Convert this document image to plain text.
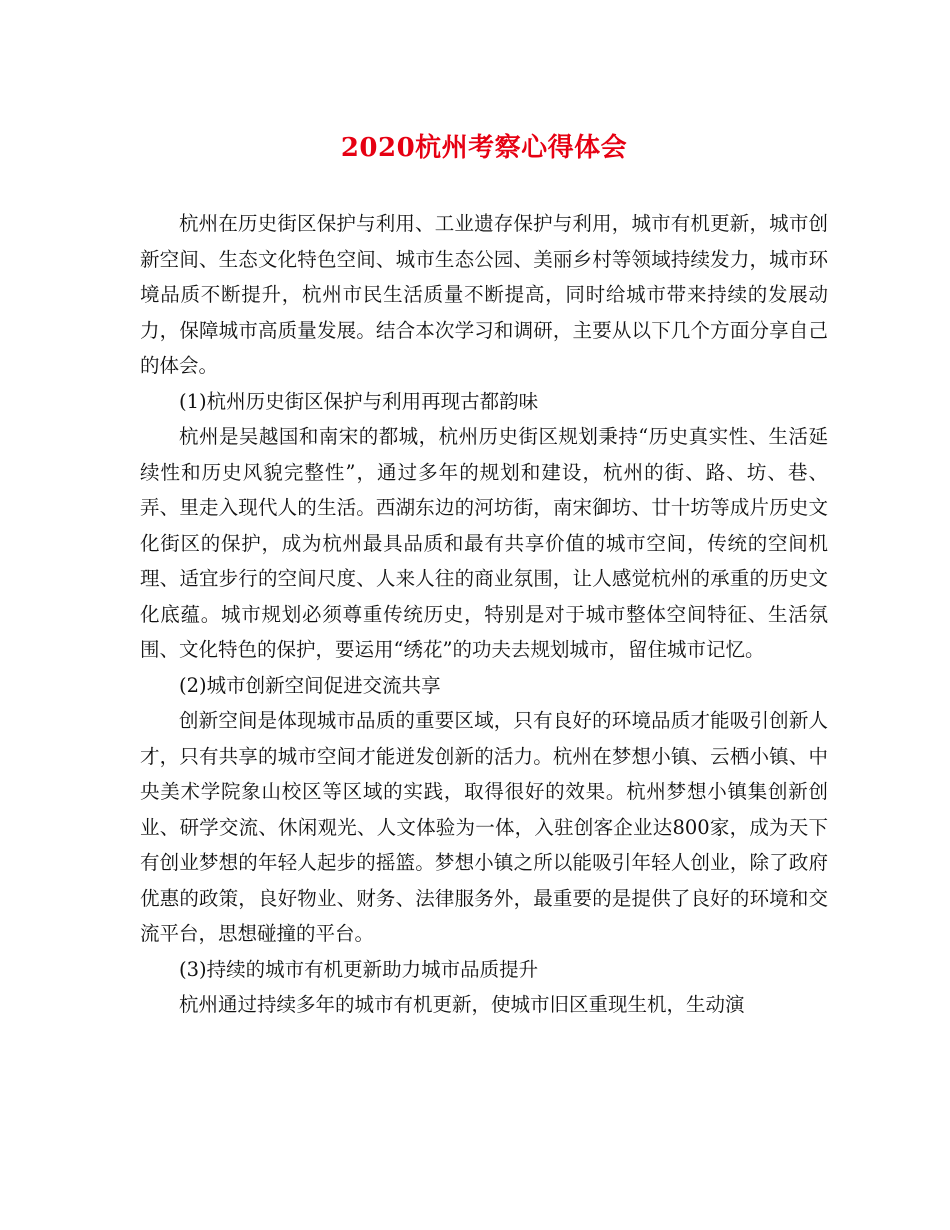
2020杭州考察心得体会

杭州在历史街区保护与利用、工业遗存保护与利用，城市有机更新，城市创新空间、生态文化特色空间、城市生态公园、美丽乡村等领域持续发力，城市环境品质不断提升，杭州市民生活质量不断提高，同时给城市带来持续的发展动力，保障城市高质量发展。结合本次学习和调研，主要从以下几个方面分享自己的体会。

(1)杭州历史街区保护与利用再现古都韵味

杭州是吴越国和南宋的都城，杭州历史街区规划秉持“历史真实性、生活延续性和历史风貌完整性”，通过多年的规划和建设，杭州的街、路、坊、巷、弄、里走入现代人的生活。西湖东边的河坊街，南宋御坊、廿十坊等成片历史文化街区的保护，成为杭州最具品质和最有共享价值的城市空间，传统的空间机理、适宜步行的空间尺度、人来人往的商业氛围，让人感觉杭州的承重的历史文化底蕴。城市规划必须尊重传统历史，特别是对于城市整体空间特征、生活氛围、文化特色的保护，要运用“绣花”的功夫去规划城市，留住城市记忆。

(2)城市创新空间促进交流共享

创新空间是体现城市品质的重要区域，只有良好的环境品质才能吸引创新人才，只有共享的城市空间才能迸发创新的活力。杭州在梦想小镇、云栖小镇、中央美术学院象山校区等区域的实践，取得很好的效果。杭州梦想小镇集创新创业、研学交流、休闲观光、人文体验为一体，入驻创客企业达800家，成为天下有创业梦想的年轻人起步的摇篮。梦想小镇之所以能吸引年轻人创业，除了政府优惠的政策，良好物业、财务、法律服务外，最重要的是提供了良好的环境和交流平台，思想碰撞的平台。

(3)持续的城市有机更新助力城市品质提升

杭州通过持续多年的城市有机更新，使城市旧区重现生机，生动演
